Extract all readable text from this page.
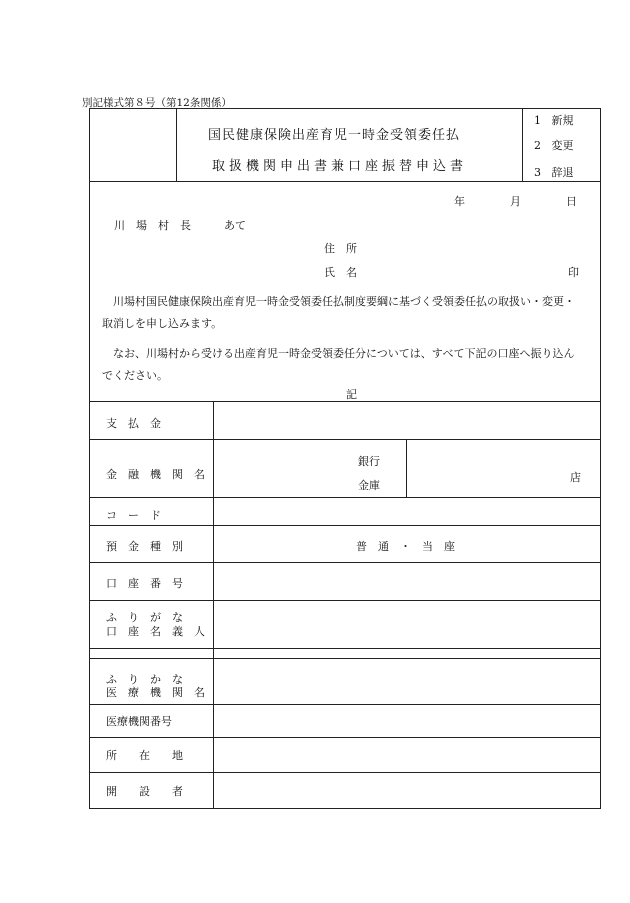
別記様式第８号（第12条関係）
国民健康保険出産育児一時金受領委任払
取扱機関申出書兼口座振替申込書
1 新規
2 変更
3 辞退
年	月	日
川　場　村　長	あて
住　所
氏　名	印
　川場村国民健康保険出産育児一時金受領委任払制度要綱に基づく受領委任払の取扱い・変更・
取消しを申し込みます。
　なお、川場村から受ける出産育児一時金受領委任分については、すべて下記の口座へ振り込ん
でください。
記
支　払　金
金　融　機　関　名
銀行
金庫
店
コ　ー　ド
預　金　種　別	普　通　・　当　座
口　座　番　号
ふ　り　が　な
口　座　名　義　人
ふ　り　か　な
医　療　機　関　名
医療機関番号
所　　在　　地
開　　設　　者
